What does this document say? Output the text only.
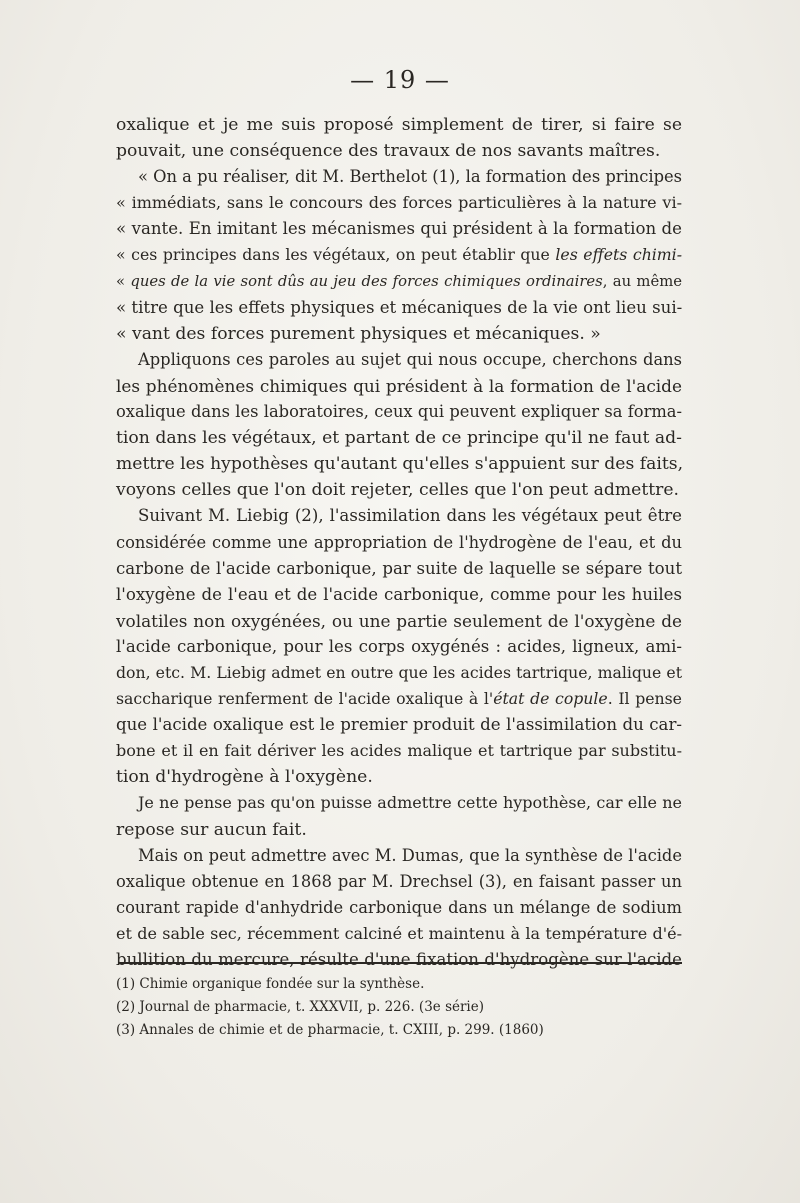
— 19 —
oxalique et je me suis proposé simplement de tirer, si faire se
pouvait, une conséquence des travaux de nos savants maîtres.
« On a pu réaliser, dit M. Berthelot (1), la formation des principes
« immédiats, sans le concours des forces particulières à la nature vi-
« vante. En imitant les mécanismes qui président à la formation de
« ces principes dans les végétaux, on peut établir que les effets chimi-
« ques de la vie sont dûs au jeu des forces chimiques ordinaires, au même
« titre que les effets physiques et mécaniques de la vie ont lieu sui-
« vant des forces purement physiques et mécaniques. »
Appliquons ces paroles au sujet qui nous occupe, cherchons dans
les phénomènes chimiques qui président à la formation de l'acide
oxalique dans les laboratoires, ceux qui peuvent expliquer sa forma-
tion dans les végétaux, et partant de ce principe qu'il ne faut ad-
mettre les hypothèses qu'autant qu'elles s'appuient sur des faits,
voyons celles que l'on doit rejeter, celles que l'on peut admettre.
Suivant M. Liebig (2), l'assimilation dans les végétaux peut être
considérée comme une appropriation de l'hydrogène de l'eau, et du
carbone de l'acide carbonique, par suite de laquelle se sépare tout
l'oxygène de l'eau et de l'acide carbonique, comme pour les huiles
volatiles non oxygénées, ou une partie seulement de l'oxygène de
l'acide carbonique, pour les corps oxygénés : acides, ligneux, ami-
don, etc. M. Liebig admet en outre que les acides tartrique, malique et
saccharique renferment de l'acide oxalique à l'état de copule. Il pense
que l'acide oxalique est le premier produit de l'assimilation du car-
bone et il en fait dériver les acides malique et tartrique par substitu-
tion d'hydrogène à l'oxygène.
Je ne pense pas qu'on puisse admettre cette hypothèse, car elle ne
repose sur aucun fait.
Mais on peut admettre avec M. Dumas, que la synthèse de l'acide
oxalique obtenue en 1868 par M. Drechsel (3), en faisant passer un
courant rapide d'anhydride carbonique dans un mélange de sodium
et de sable sec, récemment calciné et maintenu à la température d'é-
bullition du mercure, résulte d'une fixation d'hydrogène sur l'acide
(1) Chimie organique fondée sur la synthèse.
(2) Journal de pharmacie, t. XXXVII, p. 226. (3e série)
(3) Annales de chimie et de pharmacie, t. CXIII, p. 299. (1860)
